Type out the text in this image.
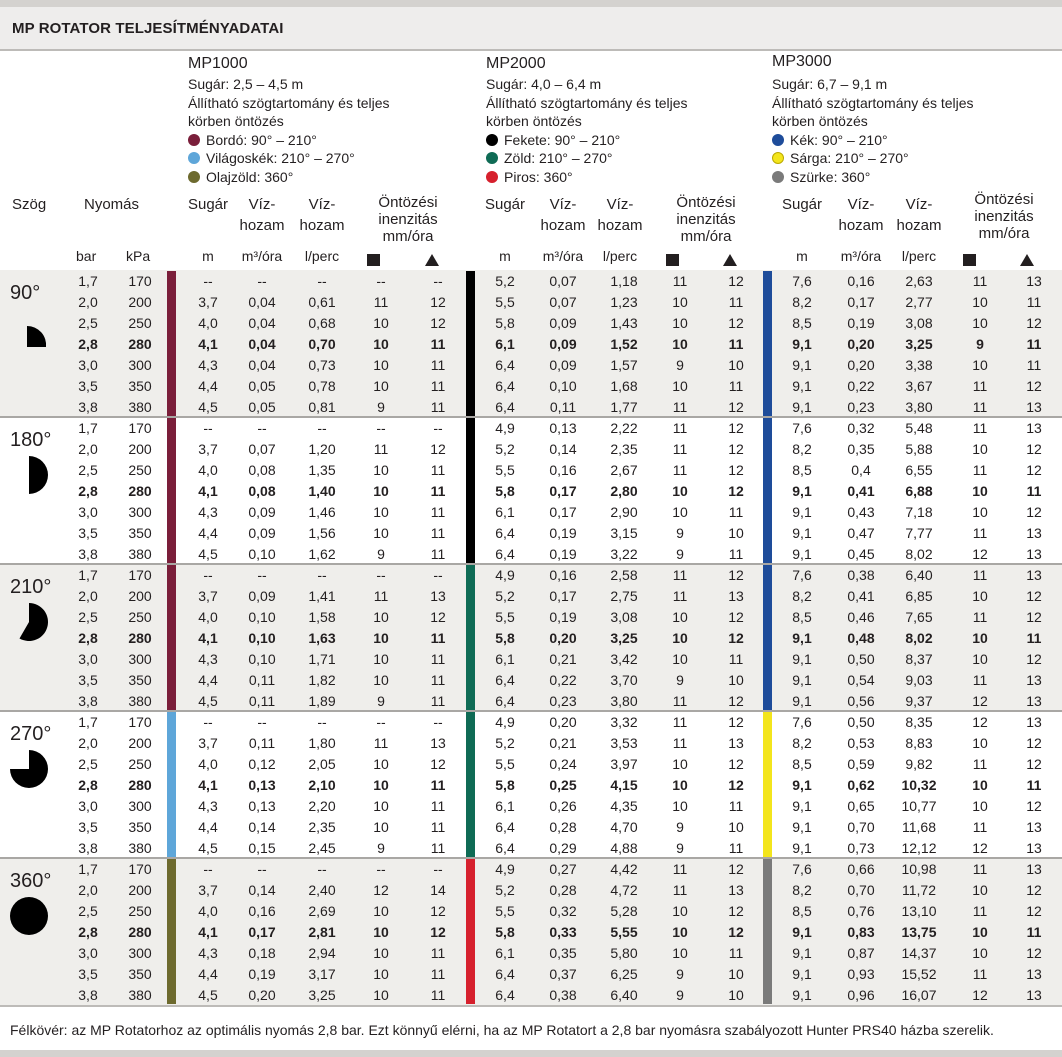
MP ROTATOR TELJESÍTMÉNYADATAI
MP1000
Sugár: 2,5 – 4,5 m
Állítható szögtartomány és teljes
körben öntözés
Bordó: 90° – 210°
Világoskék: 210° – 270°
Olajzöld: 360°
MP2000
Sugár: 4,0 – 6,4 m
Állítható szögtartomány és teljes
körben öntözés
Fekete: 90° – 210°
Zöld: 210° – 270°
Piros: 360°
MP3000
Sugár: 6,7 – 9,1 m
Állítható szögtartomány és teljes
körben öntözés
Kék: 90° – 210°
Sárga: 210° – 270°
Szürke: 360°
Szög	Nyomás	Sugár Víz-
hozam
Víz-
hozam
Öntözési
inenzitás
mm/óra
m m³/óra l/perc
Sugár Víz-
hozam
Víz-
hozam
Öntözési
inenzitás
mm/óra
m m³/óra l/perc
Sugár Víz-
hozam
Víz-
hozam
Öntözési
inenzitás
mm/óra
m m³/óra l/perc
bar kPa
90°
1,7	170	--	--	--	--	--	5,2	0,07	1,18	11	12	7,6	0,16	2,63	11	13
2,0	200	3,7	0,04	0,61	11	12	5,5	0,07	1,23	10	11	8,2	0,17	2,77	10	11
2,5	250	4,0	0,04	0,68	10	12	5,8	0,09	1,43	10	12	8,5	0,19	3,08	10	12
2,8	280	4,1	0,04	0,70	10	11	6,1	0,09	1,52	10	11	9,1	0,20	3,25	9	11
3,0	300	4,3	0,04	0,73	10	11	6,4	0,09	1,57	9	10	9,1	0,20	3,38	10	11
3,5	350	4,4	0,05	0,78	10	11	6,4	0,10	1,68	10	11	9,1	0,22	3,67	11	12
3,8	380	4,5	0,05	0,81	9	11	6,4	0,11	1,77	11	12	9,1	0,23	3,80	11	13
180°
1,7	170	--	--	--	--	--	4,9	0,13	2,22	11	12	7,6	0,32	5,48	11	13
2,0	200	3,7	0,07	1,20	11	12	5,2	0,14	2,35	11	12	8,2	0,35	5,88	10	12
2,5	250	4,0	0,08	1,35	10	11	5,5	0,16	2,67	11	12	8,5	0,4	6,55	11	12
2,8	280	4,1	0,08	1,40	10	11	5,8	0,17	2,80	10	12	9,1	0,41	6,88	10	11
3,0	300	4,3	0,09	1,46	10	11	6,1	0,17	2,90	10	11	9,1	0,43	7,18	10	12
3,5	350	4,4	0,09	1,56	10	11	6,4	0,19	3,15	9	10	9,1	0,47	7,77	11	13
3,8	380	4,5	0,10	1,62	9	11	6,4	0,19	3,22	9	11	9,1	0,45	8,02	12	13
210°
1,7	170	--	--	--	--	--	4,9	0,16	2,58	11	12	7,6	0,38	6,40	11	13
2,0	200	3,7	0,09	1,41	11	13	5,2	0,17	2,75	11	13	8,2	0,41	6,85	10	12
2,5	250	4,0	0,10	1,58	10	12	5,5	0,19	3,08	10	12	8,5	0,46	7,65	11	12
2,8	280	4,1	0,10	1,63	10	11	5,8	0,20	3,25	10	12	9,1	0,48	8,02	10	11
3,0	300	4,3	0,10	1,71	10	11	6,1	0,21	3,42	10	11	9,1	0,50	8,37	10	12
3,5	350	4,4	0,11	1,82	10	11	6,4	0,22	3,70	9	10	9,1	0,54	9,03	11	13
3,8	380	4,5	0,11	1,89	9	11	6,4	0,23	3,80	11	12	9,1	0,56	9,37	12	13
270°
1,7	170	--	--	--	--	--	4,9	0,20	3,32	11	12	7,6	0,50	8,35	12	13
2,0	200	3,7	0,11	1,80	11	13	5,2	0,21	3,53	11	13	8,2	0,53	8,83	10	12
2,5	250	4,0	0,12	2,05	10	12	5,5	0,24	3,97	10	12	8,5	0,59	9,82	11	12
2,8	280	4,1	0,13	2,10	10	11	5,8	0,25	4,15	10	12	9,1	0,62	10,32	10	11
3,0	300	4,3	0,13	2,20	10	11	6,1	0,26	4,35	10	11	9,1	0,65	10,77	10	12
3,5	350	4,4	0,14	2,35	10	11	6,4	0,28	4,70	9	10	9,1	0,70	11,68	11	13
3,8	380	4,5	0,15	2,45	9	11	6,4	0,29	4,88	9	11	9,1	0,73	12,12	12	13
360°
1,7	170	--	--	--	--	--	4,9	0,27	4,42	11	12	7,6	0,66	10,98	11	13
2,0	200	3,7	0,14	2,40	12	14	5,2	0,28	4,72	11	13	8,2	0,70	11,72	10	12
2,5	250	4,0	0,16	2,69	10	12	5,5	0,32	5,28	10	12	8,5	0,76	13,10	11	12
2,8	280	4,1	0,17	2,81	10	12	5,8	0,33	5,55	10	12	9,1	0,83	13,75	10	11
3,0	300	4,3	0,18	2,94	10	11	6,1	0,35	5,80	10	11	9,1	0,87	14,37	10	12
3,5	350	4,4	0,19	3,17	10	11	6,4	0,37	6,25	9	10	9,1	0,93	15,52	11	13
3,8	380	4,5	0,20	3,25	10	11	6,4	0,38	6,40	9	10	9,1	0,96	16,07	12	13
Félkövér: az MP Rotatorhoz az optimális nyomás 2,8 bar. Ezt könnyű elérni, ha az MP Rotatort a 2,8 bar nyomásra szabályozott Hunter PRS40 házba szerelik.
